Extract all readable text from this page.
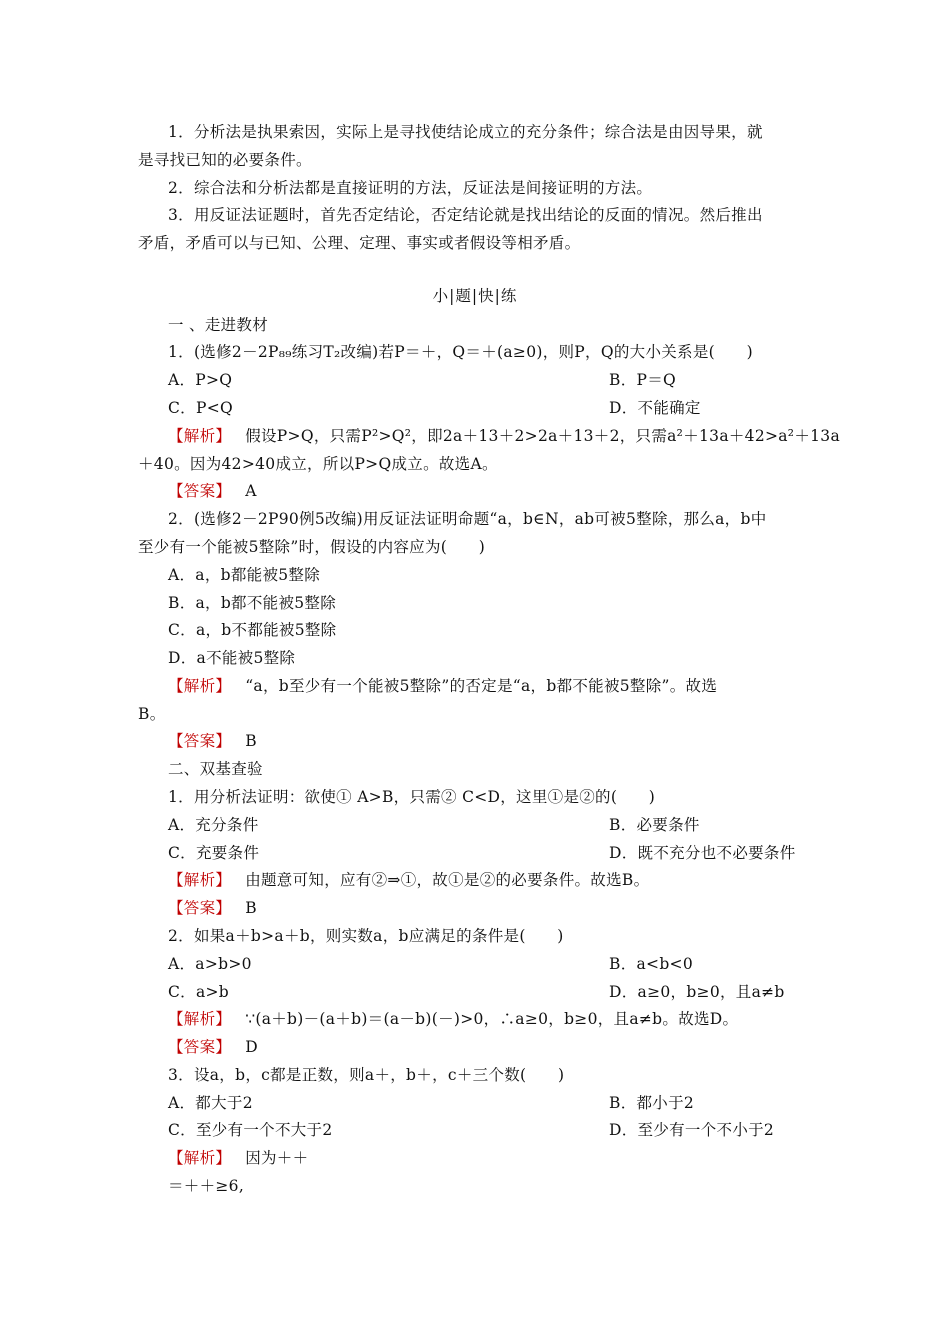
1．分析法是执果索因，实际上是寻找使结论成立的充分条件；综合法是由因导果，就
是寻找已知的必要条件。
2．综合法和分析法都是直接证明的方法，反证法是间接证明的方法。
3．用反证法证题时，首先否定结论，否定结论就是找出结论的反面的情况。然后推出
矛盾，矛盾可以与已知、公理、定理、事实或者假设等相矛盾。
小|题|快|练
一 、走进教材
1．(选修2－2P₈₉练习T₂改编)若P＝＋，Q＝＋(a≥0)，则P，Q的大小关系是(　　)
A．P>Q	B．P＝Q
C．P<Q	D．不能确定
【解析】 假设P>Q，只需P²>Q²，即2a＋13＋2>2a＋13＋2，只需a²＋13a＋42>a²＋13a
＋40。因为42>40成立，所以P>Q成立。故选A。
【答案】 A
2．(选修2－2P90例5改编)用反证法证明命题“a，b∈N，ab可被5整除，那么a，b中
至少有一个能被5整除”时，假设的内容应为(　　)
A．a，b都能被5整除
B．a，b都不能被5整除
C．a，b不都能被5整除
D．a不能被5整除
【解析】 “a，b至少有一个能被5整除”的否定是“a，b都不能被5整除”。故选
B。
【答案】 B
二、双基查验
1．用分析法证明：欲使① A>B，只需② C<D，这里①是②的(　　)
A．充分条件	B．必要条件
C．充要条件	D．既不充分也不必要条件
【解析】 由题意可知，应有②⇒①，故①是②的必要条件。故选B。
【答案】 B
2．如果a＋b>a＋b，则实数a，b应满足的条件是(　　)
A．a>b>0	B．a<b<0
C．a>b	D．a≥0，b≥0，且a≠b
【解析】 ∵(a＋b)－(a＋b)＝(a－b)(－)>0，∴a≥0，b≥0，且a≠b。故选D。
【答案】 D
3．设a，b，c都是正数，则a＋，b＋，c＋三个数(　　)
A．都大于2	B．都小于2
C．至少有一个不大于2	D．至少有一个不小于2
【解析】 因为＋＋
＝＋＋≥6,
